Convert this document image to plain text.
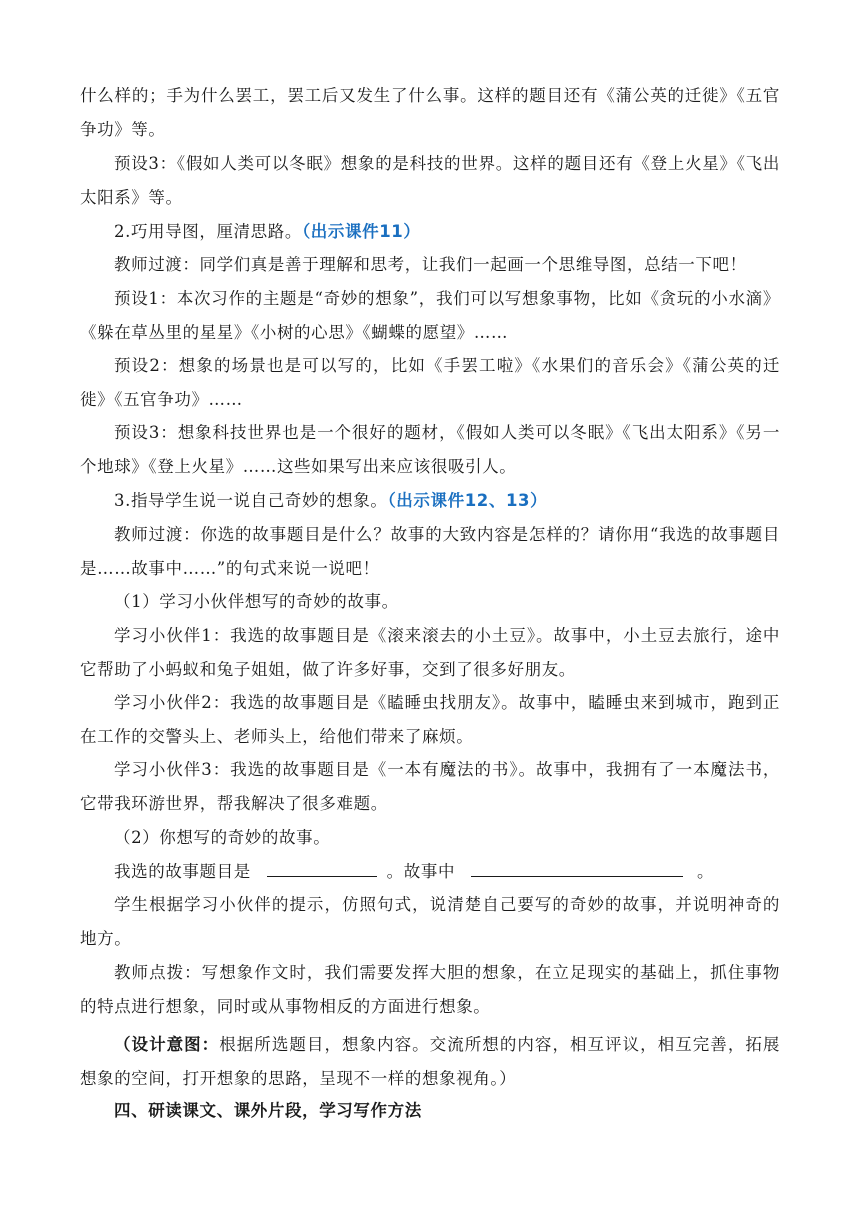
什么样的；手为什么罢工，罢工后又发生了什么事。这样的题目还有《蒲公英的迁徙》《五官争功》等。
预设3：《假如人类可以冬眠》想象的是科技的世界。这样的题目还有《登上火星》《飞出太阳系》等。
2.巧用导图，厘清思路。（出示课件11）
教师过渡：同学们真是善于理解和思考，让我们一起画一个思维导图，总结一下吧！
预设1：本次习作的主题是“奇妙的想象”，我们可以写想象事物，比如《贪玩的小水滴》《躲在草丛里的星星》《小树的心思》《蝴蝶的愿望》……
预设2：想象的场景也是可以写的，比如《手罢工啦》《水果们的音乐会》《蒲公英的迁徙》《五官争功》……
预设3：想象科技世界也是一个很好的题材，《假如人类可以冬眠》《飞出太阳系》《另一个地球》《登上火星》……这些如果写出来应该很吸引人。
3.指导学生说一说自己奇妙的想象。（出示课件12、13）
教师过渡：你选的故事题目是什么？故事的大致内容是怎样的？请你用“我选的故事题目是……故事中……”的句式来说一说吧！
（1）学习小伙伴想写的奇妙的故事。
学习小伙伴1：我选的故事题目是《滚来滚去的小土豆》。故事中，小土豆去旅行，途中它帮助了小蚂蚁和兔子姐姐，做了许多好事，交到了很多好朋友。
学习小伙伴2：我选的故事题目是《瞌睡虫找朋友》。故事中，瞌睡虫来到城市，跑到正在工作的交警头上、老师头上，给他们带来了麻烦。
学习小伙伴3：我选的故事题目是《一本有魔法的书》。故事中，我拥有了一本魔法书，它带我环游世界，帮我解决了很多难题。
（2）你想写的奇妙的故事。
我选的故事题目是	。故事中	。
学生根据学习小伙伴的提示，仿照句式，说清楚自己要写的奇妙的故事，并说明神奇的地方。
教师点拨：写想象作文时，我们需要发挥大胆的想象，在立足现实的基础上，抓住事物的特点进行想象，同时或从事物相反的方面进行想象。
（设计意图：根据所选题目，想象内容。交流所想的内容，相互评议，相互完善，拓展想象的空间，打开想象的思路，呈现不一样的想象视角。）
四、研读课文、课外片段，学习写作方法
